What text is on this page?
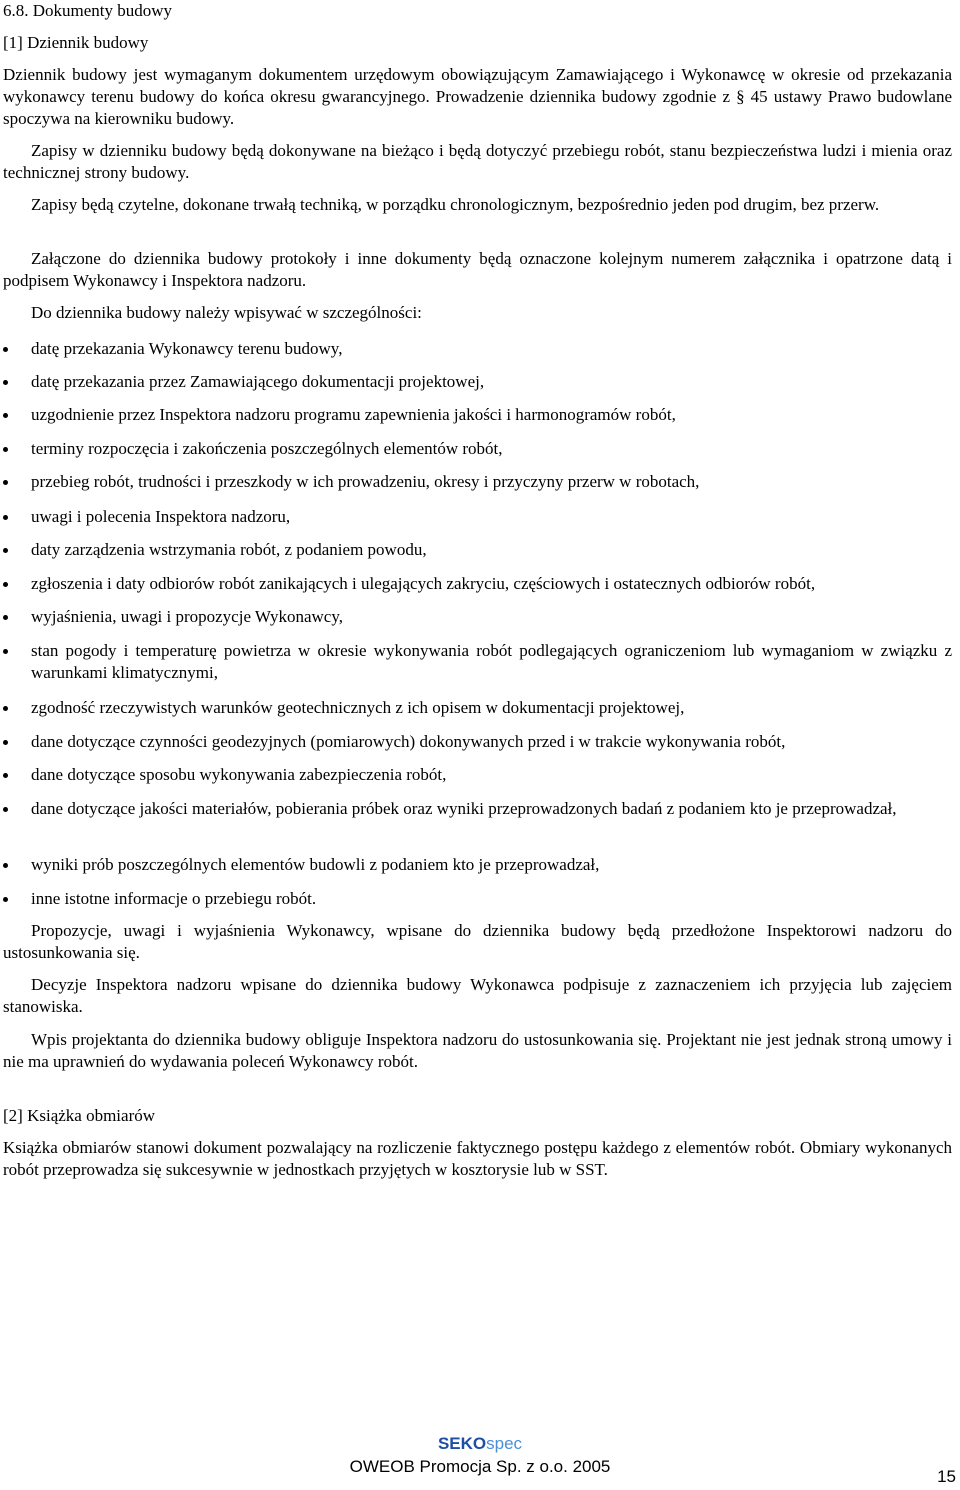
6.8. Dokumenty budowy
[1] Dziennik budowy
Dziennik budowy jest wymaganym dokumentem urzędowym obowiązującym Zamawiającego i Wykonawcę w okresie od przekazania wykonawcy terenu budowy do końca okresu gwarancyjnego. Prowadzenie dziennika budowy zgodnie z § 45 ustawy Prawo budowlane spoczywa na kierowniku budowy.
Zapisy w dzienniku budowy będą dokonywane na bieżąco i będą dotyczyć przebiegu robót, stanu bezpieczeństwa ludzi i mienia oraz technicznej strony budowy.
Zapisy będą czytelne, dokonane trwałą techniką, w porządku chronologicznym, bezpośrednio jeden pod drugim, bez przerw.
Załączone do dziennika budowy protokoły i inne dokumenty będą oznaczone kolejnym numerem załącznika i opatrzone datą i podpisem Wykonawcy i Inspektora nadzoru.
Do dziennika budowy należy wpisywać w szczególności:
datę przekazania Wykonawcy terenu budowy,
datę przekazania przez Zamawiającego dokumentacji projektowej,
uzgodnienie przez Inspektora nadzoru programu zapewnienia jakości i harmonogramów robót,
terminy rozpoczęcia i zakończenia poszczególnych elementów robót,
przebieg robót, trudności i przeszkody w ich prowadzeniu, okresy i przyczyny przerw w robotach,
uwagi i polecenia Inspektora nadzoru,
daty zarządzenia wstrzymania robót, z podaniem powodu,
zgłoszenia i daty odbiorów robót zanikających i ulegających zakryciu, częściowych i ostatecznych odbiorów robót,
wyjaśnienia, uwagi i propozycje Wykonawcy,
stan pogody i temperaturę powietrza w okresie wykonywania robót podlegających ograniczeniom lub wymaganiom w związku z warunkami klimatycznymi,
zgodność rzeczywistych warunków geotechnicznych z ich opisem w dokumentacji projektowej,
dane dotyczące czynności geodezyjnych (pomiarowych) dokonywanych przed i w trakcie wykonywania robót,
dane dotyczące sposobu wykonywania zabezpieczenia robót,
dane dotyczące jakości materiałów, pobierania próbek oraz wyniki przeprowadzonych badań z podaniem kto je przeprowadzał,
wyniki prób poszczególnych elementów budowli z podaniem kto je przeprowadzał,
inne istotne informacje o przebiegu robót.
Propozycje, uwagi i wyjaśnienia Wykonawcy, wpisane do dziennika budowy będą przedłożone Inspektorowi nadzoru do ustosunkowania się.
Decyzje Inspektora nadzoru wpisane do dziennika budowy Wykonawca podpisuje z zaznaczeniem ich przyjęcia lub zajęciem stanowiska.
Wpis projektanta do dziennika budowy obliguje Inspektora nadzoru do ustosunkowania się. Projektant nie jest jednak stroną umowy i nie ma uprawnień do wydawania poleceń Wykonawcy robót.
[2] Książka obmiarów
Książka obmiarów stanowi dokument pozwalający na rozliczenie faktycznego postępu każdego z elementów robót. Obmiary wykonanych robót przeprowadza się sukcesywnie w jednostkach przyjętych w kosztorysie lub w SST.
SEKOspec
OWEOB Promocja Sp. z o.o. 2005
15
